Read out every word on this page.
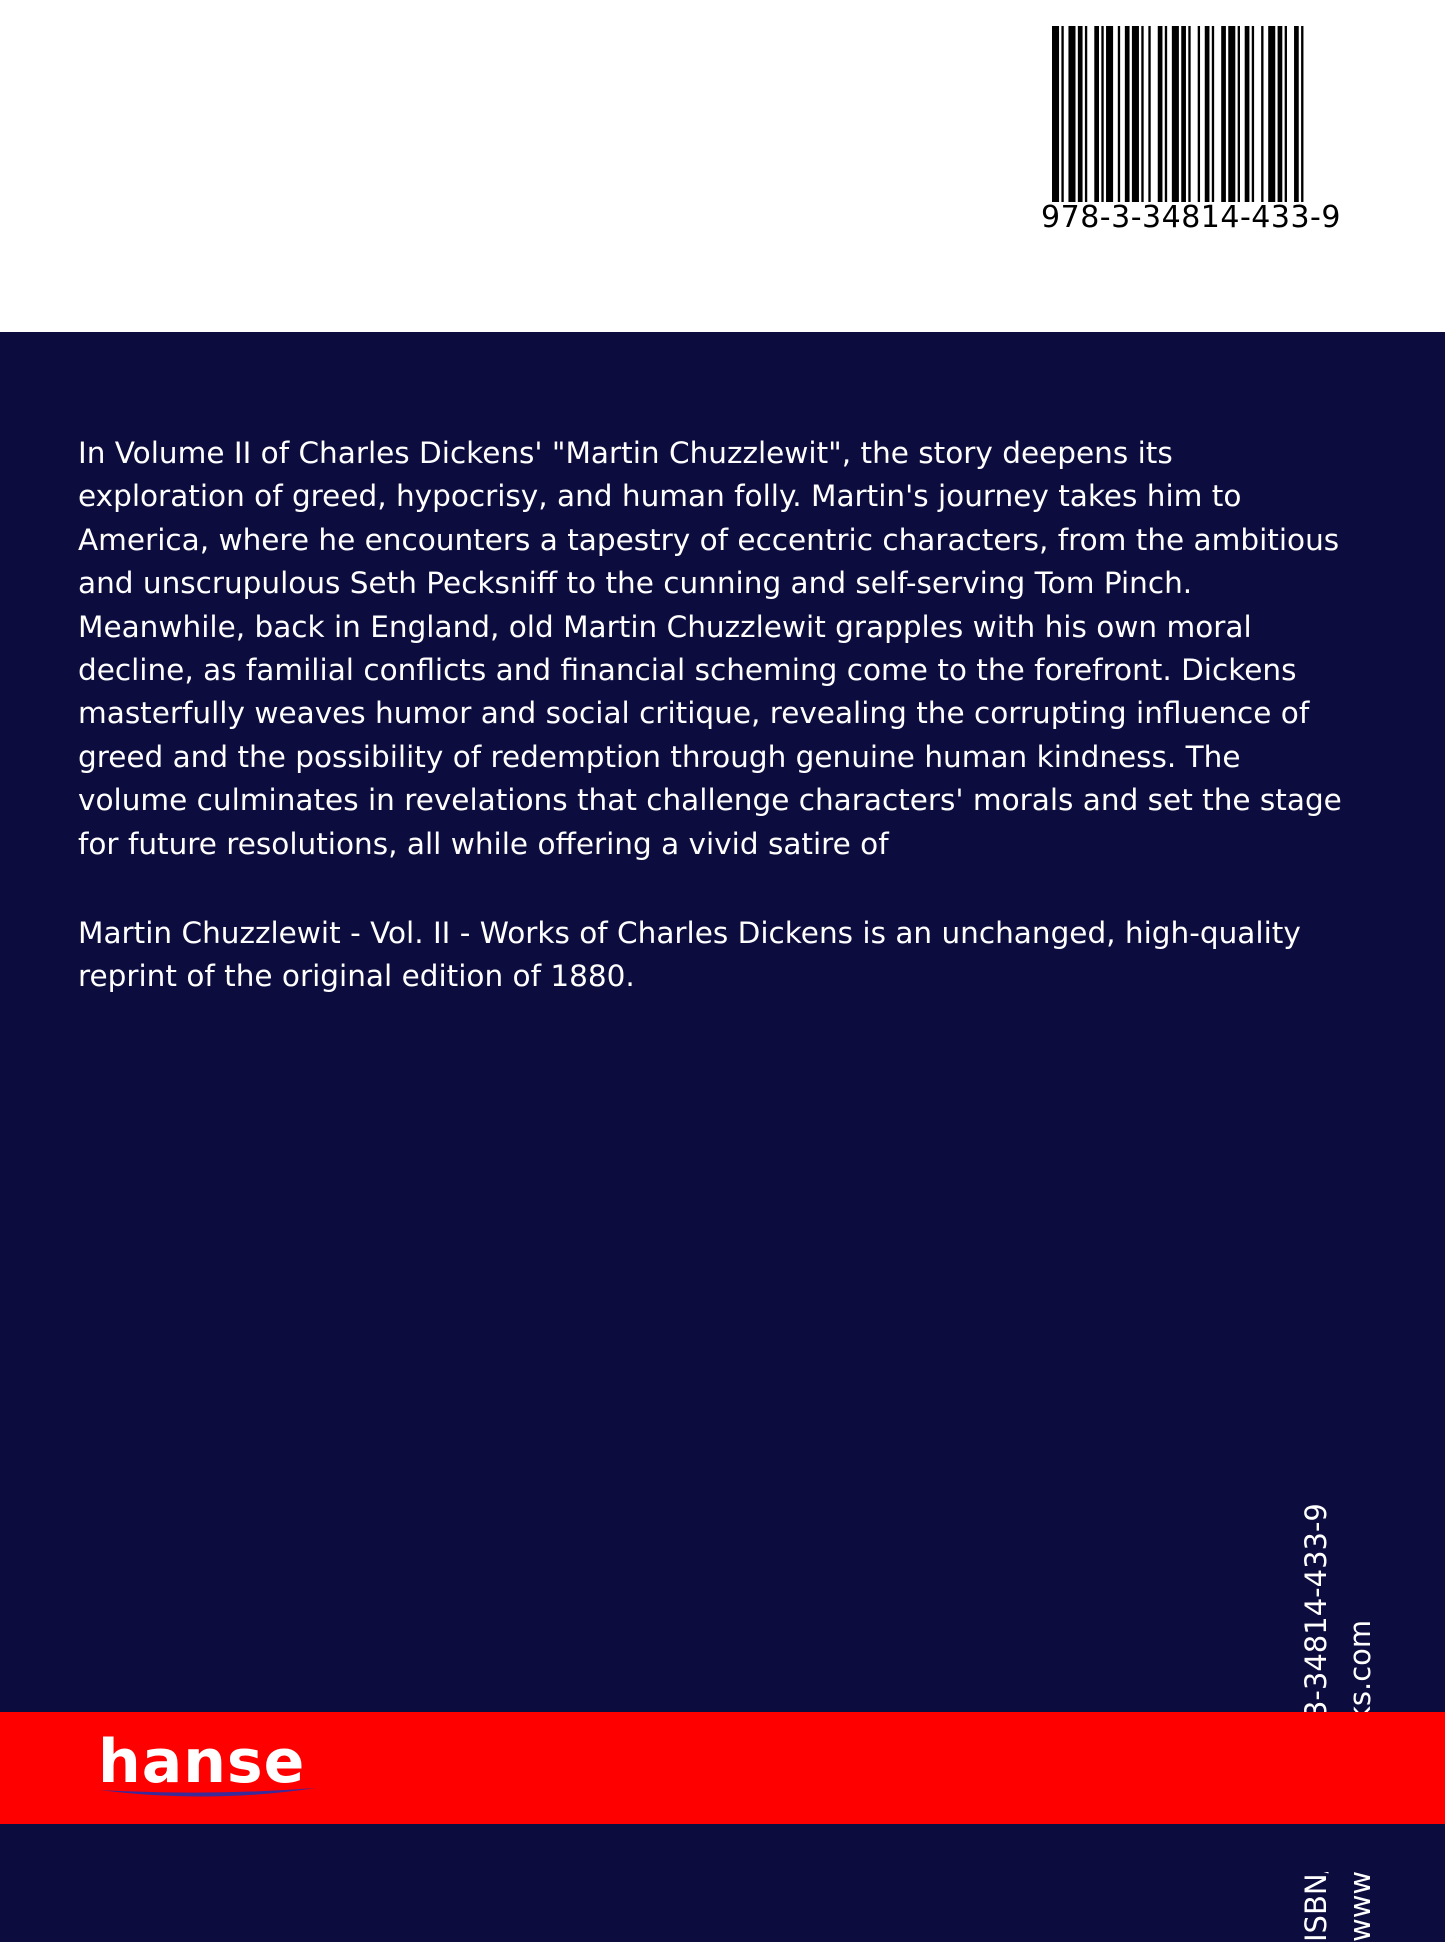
978-3-34814-433-9

In Volume II of Charles Dickens' "Martin Chuzzlewit", the story deepens its
exploration of greed, hypocrisy, and human folly. Martin's journey takes him to
America, where he encounters a tapestry of eccentric characters, from the ambitious
and unscrupulous Seth Pecksniff to the cunning and self-serving Tom Pinch.
Meanwhile, back in England, old Martin Chuzzlewit grapples with his own moral
decline, as familial conflicts and financial scheming come to the forefront. Dickens
masterfully weaves humor and social critique, revealing the corrupting influence of
greed and the possibility of redemption through genuine human kindness. The
volume culminates in revelations that challenge characters' morals and set the stage
for future resolutions, all while offering a vivid satire of

Martin Chuzzlewit - Vol. II - Works of Charles Dickens is an unchanged, high-quality
reprint of the original edition of 1880.

hanse
